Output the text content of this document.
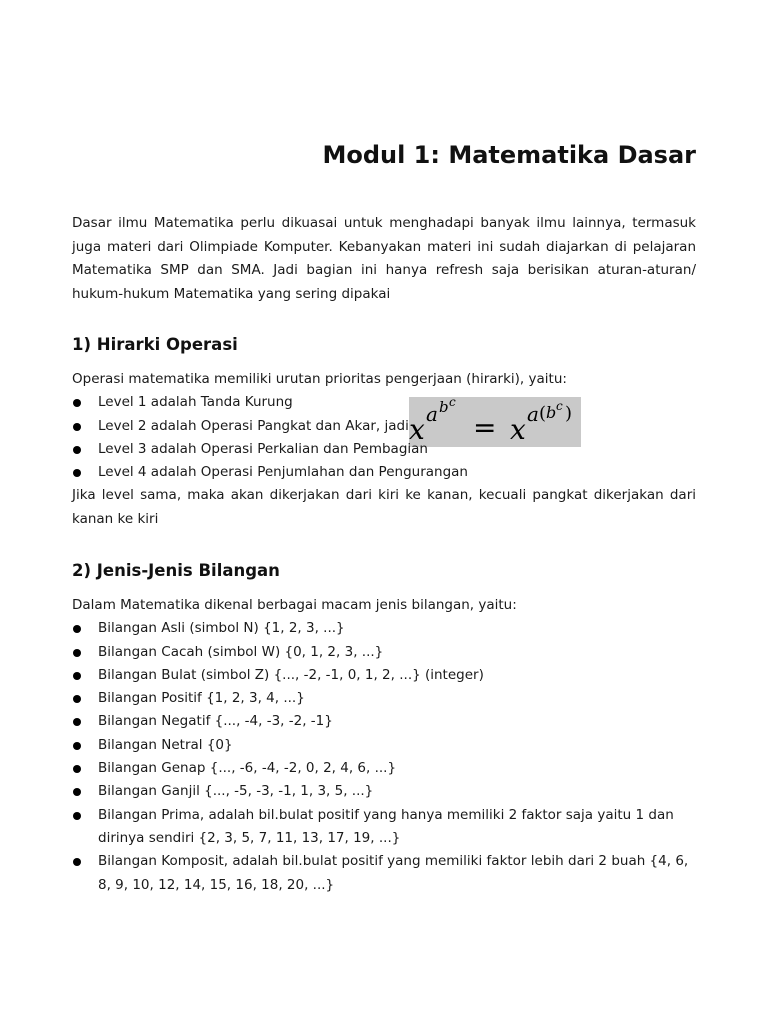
Modul 1: Matematika Dasar

Dasar ilmu Matematika perlu dikuasai untuk menghadapi banyak ilmu lainnya, termasuk juga materi dari Olimpiade Komputer. Kebanyakan materi ini sudah diajarkan di pelajaran Matematika SMP dan SMA. Jadi bagian ini hanya refresh saja berisikan aturan-aturan/ hukum-hukum Matematika yang sering dipakai

1) Hirarki Operasi

Operasi matematika memiliki urutan prioritas pengerjaan (hirarki), yaitu:

Level 1 adalah Tanda Kurung
Level 2 adalah Operasi Pangkat dan Akar, jadi x a b c
= x a ( b c )
Level 3 adalah Operasi Perkalian dan Pembagian
Level 4 adalah Operasi Penjumlahan dan Pengurangan

Jika level sama, maka akan dikerjakan dari kiri ke kanan, kecuali pangkat dikerjakan dari kanan ke kiri

2) Jenis-Jenis Bilangan

Dalam Matematika dikenal berbagai macam jenis bilangan, yaitu:

Bilangan Asli (simbol N) {1, 2, 3, ...}
Bilangan Cacah (simbol W) {0, 1, 2, 3, ...}
Bilangan Bulat (simbol Z) {..., -2, -1, 0, 1, 2, ...} (integer)
Bilangan Positif {1, 2, 3, 4, ...}
Bilangan Negatif {..., -4, -3, -2, -1}
Bilangan Netral {0}
Bilangan Genap {..., -6, -4, -2, 0, 2, 4, 6, ...}
Bilangan Ganjil {..., -5, -3, -1, 1, 3, 5, ...}
Bilangan Prima, adalah bil.bulat positif yang hanya memiliki 2 faktor saja yaitu 1 dan dirinya sendiri {2, 3, 5, 7, 11, 13, 17, 19, ...}
Bilangan Komposit, adalah bil.bulat positif yang memiliki faktor lebih dari 2 buah {4, 6, 8, 9, 10, 12, 14, 15, 16, 18, 20, ...}
